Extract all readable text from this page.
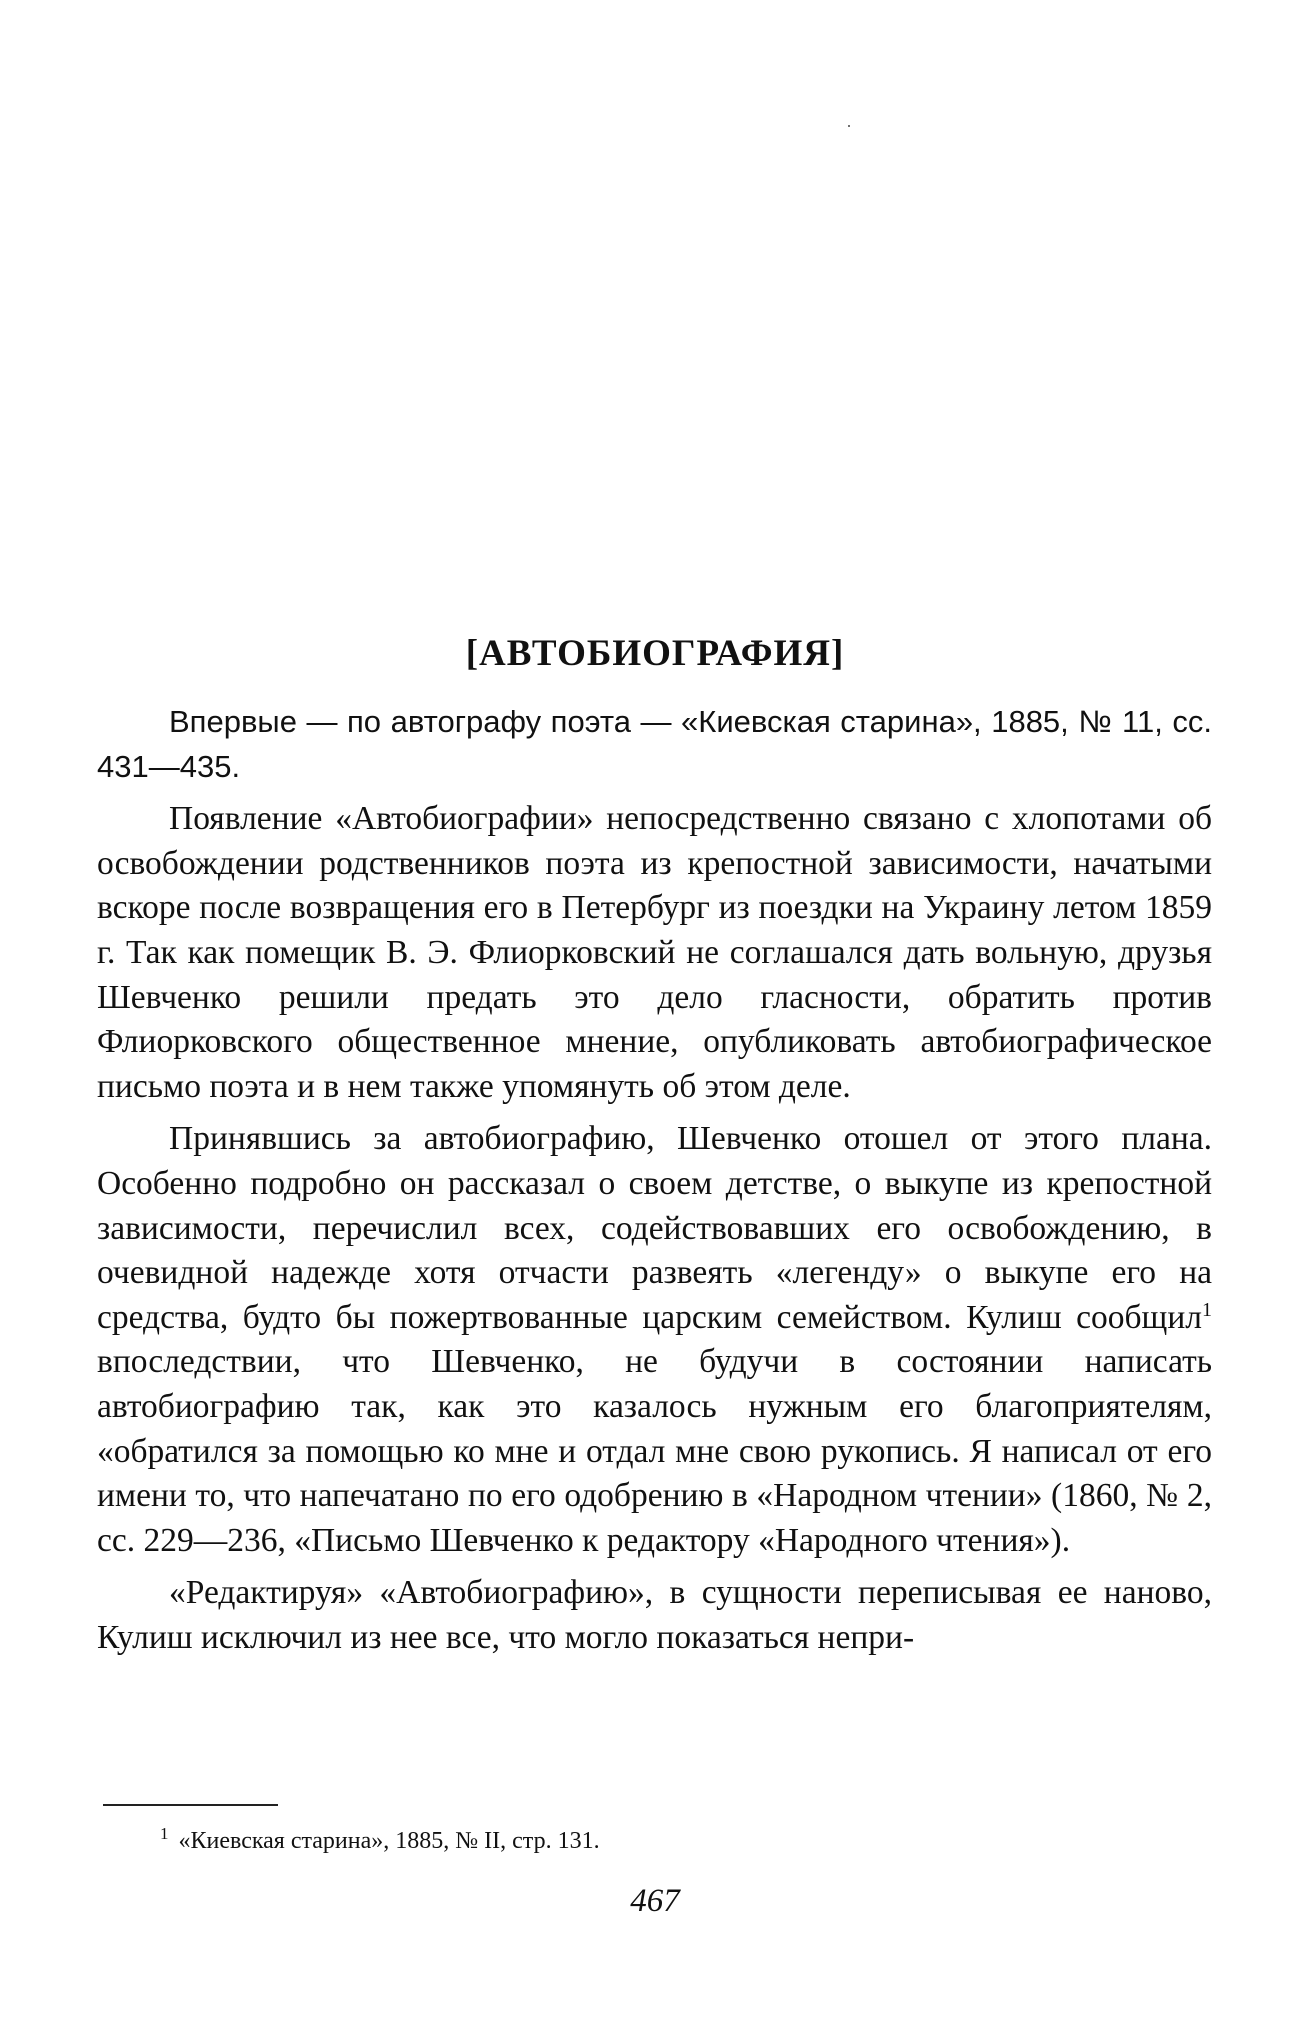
[АВТОБИОГРАФИЯ]

Впервые — по автографу поэта — «Киевская старина», 1885, № 11, сс. 431—435.

Появление «Автобиографии» непосредственно связано с хлопотами об освобождении родственников поэта из крепостной зависимости, начатыми вскоре после возвращения его в Петербург из поездки на Украину летом 1859 г. Так как помещик В. Э. Флиорковский не соглашался дать вольную, друзья Шевченко решили предать это дело гласности, обратить против Флиорковского общественное мнение, опубликовать автобиографическое письмо поэта и в нем также упомянуть об этом деле.

Принявшись за автобиографию, Шевченко отошел от этого плана. Особенно подробно он рассказал о своем детстве, о выкупе из крепостной зависимости, перечислил всех, содействовавших его освобождению, в очевидной надежде хотя отчасти развеять «легенду» о выкупе его на средства, будто бы пожертвованные царским семейством. Кулиш сообщил$^1$ впоследствии, что Шевченко, не будучи в состоянии написать автобиографию так, как это казалось нужным его благоприятелям, «обратился за помощью ко мне и отдал мне свою рукопись. Я написал от его имени то, что напечатано по его одобрению в «Народном чтении» (1860, № 2, сс. 229—236, «Письмо Шевченко к редактору «Народного чтения»).

«Редактируя» «Автобиографию», в сущности переписывая ее наново, Кулиш исключил из нее все, что могло показаться непри-

$^1$ «Киевская старина», 1885, № II, стр. 131.
467
